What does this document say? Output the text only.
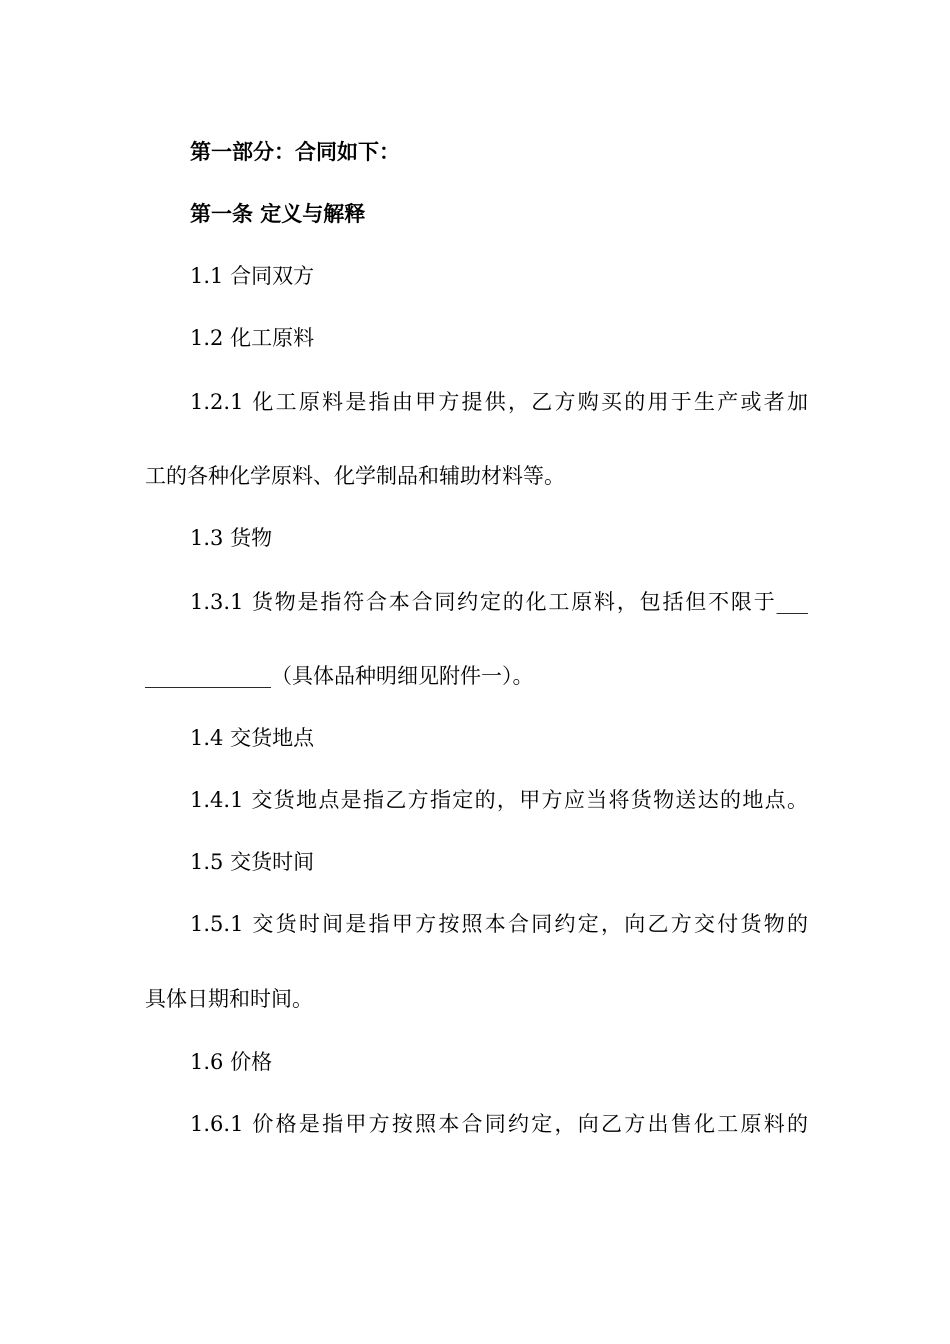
第一部分：合同如下：
第一条 定义与解释
1.1 合同双方
1.2 化工原料
1.2.1 化工原料是指由甲方提供，乙方购买的用于生产或者加
工的各种化学原料、化学制品和辅助材料等。
1.3 货物
1.3.1 货物是指符合本合同约定的化工原料，包括但不限于___
____________（具体品种明细见附件一）。
1.4 交货地点
1.4.1 交货地点是指乙方指定的，甲方应当将货物送达的地点。
1.5 交货时间
1.5.1 交货时间是指甲方按照本合同约定，向乙方交付货物的
具体日期和时间。
1.6 价格
1.6.1 价格是指甲方按照本合同约定，向乙方出售化工原料的
